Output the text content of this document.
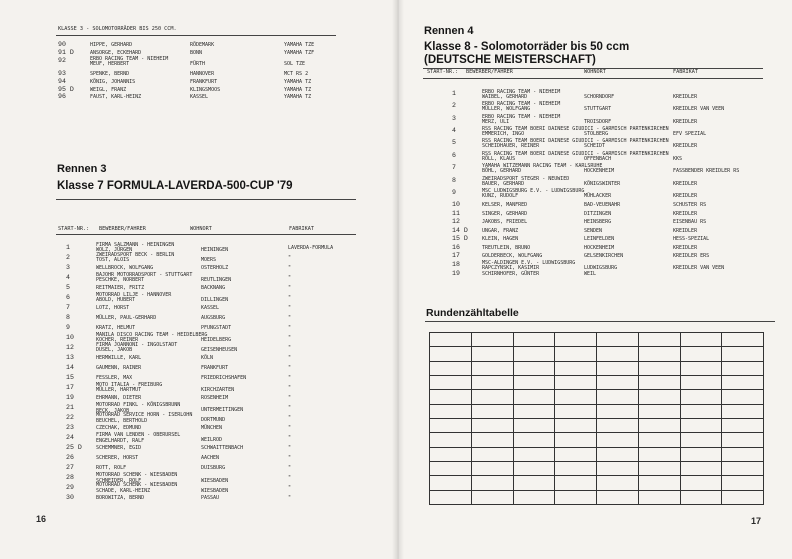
KLASSE 3 - SOLOMOTORRÄDER BIS 250 CCM.
90	HIPPE, GERHARD	RÖDEMARK	YAMAHA TZE
91 D	ANSORGE, ECKEHARD	BONN	YAMAHA TZF
92	ERBO RACING TEAM - NIEHEIM
MEUF, HERBERT	FÜRTH	SOL TZE
93	SPENKE, BERND	HANNOVER	MCT RS 2
94	KÖNIG, JOHANNIS	FRANKFURT	YAMAHA TZ
95 D	WEIGL, FRANZ	KLINGSMOOS	YAMAHA TZ
96	FAUST, KARL-HEINZ	KASSEL	YAMAHA TZ
Rennen 3
Klasse 7 FORMULA-LAVERDA-500-CUP '79
START-NR.: BEWERBER/FAHRER	WOHNORT	FABRIKAT
1	FIRMA SALZMANN - HEININGEN
WOLZ, JÜRGEN	HEININGEN	LAVERDA-FORMULA
2	ZWEIRADSPORT BECK - BERLIN
TOST, ALOIS	MOERS	"
3	WELLBROCK, WOLFGANG	OSTERHOLZ	"
4	BAJOHR MOTORRADSPORT - STUTTGART
PESCHKE, NORBERT	REUTLINGEN	"
5	REITMAIER, FRITZ	BACKNANG	"
6	MOTORRAD LILJE - HANNOVER
ABOLD, HUBERT	DILLINGEN	"
7	LOTZ, HORST	KASSEL	"
8	MÜLLER, PAUL-GERHARD	AUGSBURG	"
9	KRATZ, HELMUT	PFUNGSTADT	"
10	MANILA DISCO RACING TEAM - HEIDELBERG
KOCHER, REINER	HEIDELBERG	"
12	FIRMA JOANNONI - INGOLSTADT
DUSEL, JAKOB	GEISENHEUSEN	"
13	HERMWILLE, KARL	KÖLN	"
14	GAUMENN, RAINER	FRANKFURT	"
15	FESSLER, MAX	FRIEDRICHSHAFEN	"
17	MOTO ITALIA - FREIBURG
MÜLLER, HARTMUT	KIRCHZARTEN	"
19	EHRMANN, DIETER	ROSENHEIM	"
21	MOTORRAD FINKL - KÖNIGSBRUNN
BECK, JAKOB	UNTERMEITINGEN	"
22	MOTORRAD SERVICE HORN - ISERLOHN
BEUCHEL, BERTHOLD	DORTMUND	"
23	CZECHAK, EDMUND	MÜNCHEN	"
24	FIRMA VAN LENDEN - OBERURSEL
ENGELHARDT, RALF	WEILROD	"
25 D	SCHEMMNER, EGID	SCHWAITTENBACH	"
26	SCHERER, HORST	AACHEN	"
27	ROTT, ROLF	DUISBURG	"
28	MOTORRAD SCHENK - WIESBADEN
SCHNEIDER, ROLF	WIESBADEN	"
29	MOTORRAD SCHENK - WIESBADEN
SCHADE, KARL-HEINZ	WIESBADEN	"
30	BOROWITZA, BERND	PASSAU	"
16
Rennen 4
Klasse 8 - Solomotorräder bis 50 ccm
(DEUTSCHE MEISTERSCHAFT)
START-NR.: BEWERBER/FAHRER	WOHNORT	FABRIKAT
1	ERBO RACING TEAM - NIEHEIM
WAIBEL, GERHARD	SCHORNDORF	KREIDLER
2	ERBO RACING TEAM - NIEHEIM
MÜLLER, WOLFGANG	STUTTGART	KREIDLER VAN VEEN
3	ERBO RACING TEAM - NIEHEIM
MERZ, ULI	TROISDORF	KREIDLER
4	RSS RACING TEAM BOERI DAINESE GIUDICI - GARMISCH PARTENKIRCHEN
EMMERICH, INGO	STOLBERG	EFV SPEZIAL
5	RSS RACING TEAM BOERI DAINESE GIUDICI - GARMISCH PARTENKIRCHEN
SCHEIDHAUER, REINER	SCHEIDT	KREIDLER
6	RSS RACING TEAM BOERI DAINESE GIUDICI - GARMISCH PARTENKIRCHEN
RÖLL, KLAUS	OFFENBACH	KKS
7	YAMAHA WITZEMANN RACING TEAM - KARLSRUHE
BÖHL, GERHARD	HOCKENHEIM	FASSBENDER KREIDLER RS
8	ZWEIRADSPORT STEGER - NEUWIED
BAUER, GERHARD	KÖNIGSWINTER	KREIDLER
9	MSC LUDWIGSBURG E.V. - LUDWIGSBURG
KUNZ, RUDOLF	MÜHLACKER	KREIDLER
10	KELSER, MANFRED	BAD-VEUENAHR	SCHUSTER RS
11	SINGER, GERHARD	DITZINGEN	KREIDLER
12	JAKOBS, FRIEDEL	HEINSBERG	EISENBAU RS
14 D	UNGAR, FRANZ	SENDEN	KREIDLER
15 D	KLEIN, HAGEN	LEINFELDEN	HESS-SPEZIAL
16	TREUTLEIN, BRUNO	HOCKENHEIM	KREIDLER
17	GOLDERBECK, WOLFGANG	GELSENKIRCHEN	KREIDLER ERS
18	MSC-ALDINGEN E.V. - LUDWIGSBURG
RAPCZYNSKI, KASIMIR	LUDWIGSBURG	KREIDLER VAN VEEN
19	SCHIRNHOFER, GÜNTER	WEIL
Rundenzähltabelle

17
